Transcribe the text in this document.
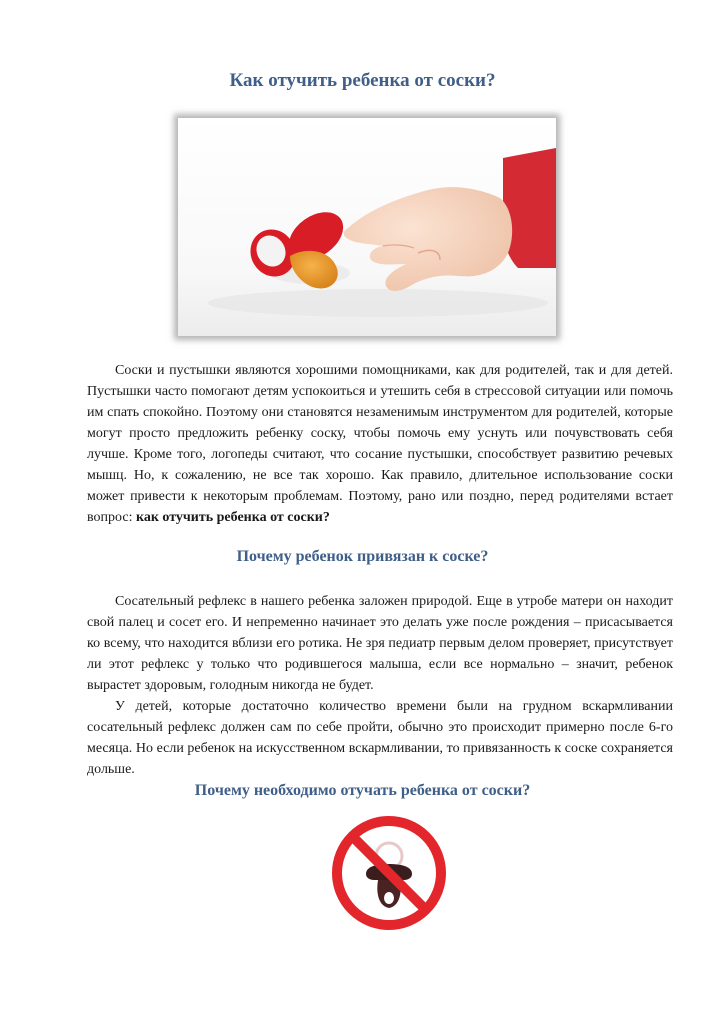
Как отучить ребенка от соски?

Соски и пустышки являются хорошими помощниками, как для родителей, так и для детей. Пустышки часто помогают детям успокоиться и утешить себя в стрессовой ситуации или помочь им спать спокойно. Поэтому они становятся незаменимым инструментом для родителей, которые могут просто предложить ребенку соску, чтобы помочь ему уснуть или почувствовать себя лучше. Кроме того, логопеды считают, что сосание пустышки, способствует развитию речевых мышц. Но, к сожалению, не все так хорошо. Как правило, длительное использование соски может привести к некоторым проблемам. Поэтому, рано или поздно, перед родителями встает вопрос: как отучить ребенка от соски?

Почему ребенок привязан к соске?

Сосательный рефлекс в нашего ребенка заложен природой. Еще в утробе матери он находит свой палец и сосет его. И непременно начинает это делать уже после рождения – присасывается ко всему, что находится вблизи его ротика. Не зря педиатр первым делом проверяет, присутствует ли этот рефлекс у только что родившегося малыша, если все нормально – значит, ребенок вырастет здоровым, голодным никогда не будет.

У детей, которые достаточно количество времени были на грудном вскармливании сосательный рефлекс должен сам по себе пройти, обычно это происходит примерно после 6-го месяца. Но если ребенок на искусственном вскармливании, то привязанность к соске сохраняется дольше.

Почему необходимо отучать ребенка от соски?
